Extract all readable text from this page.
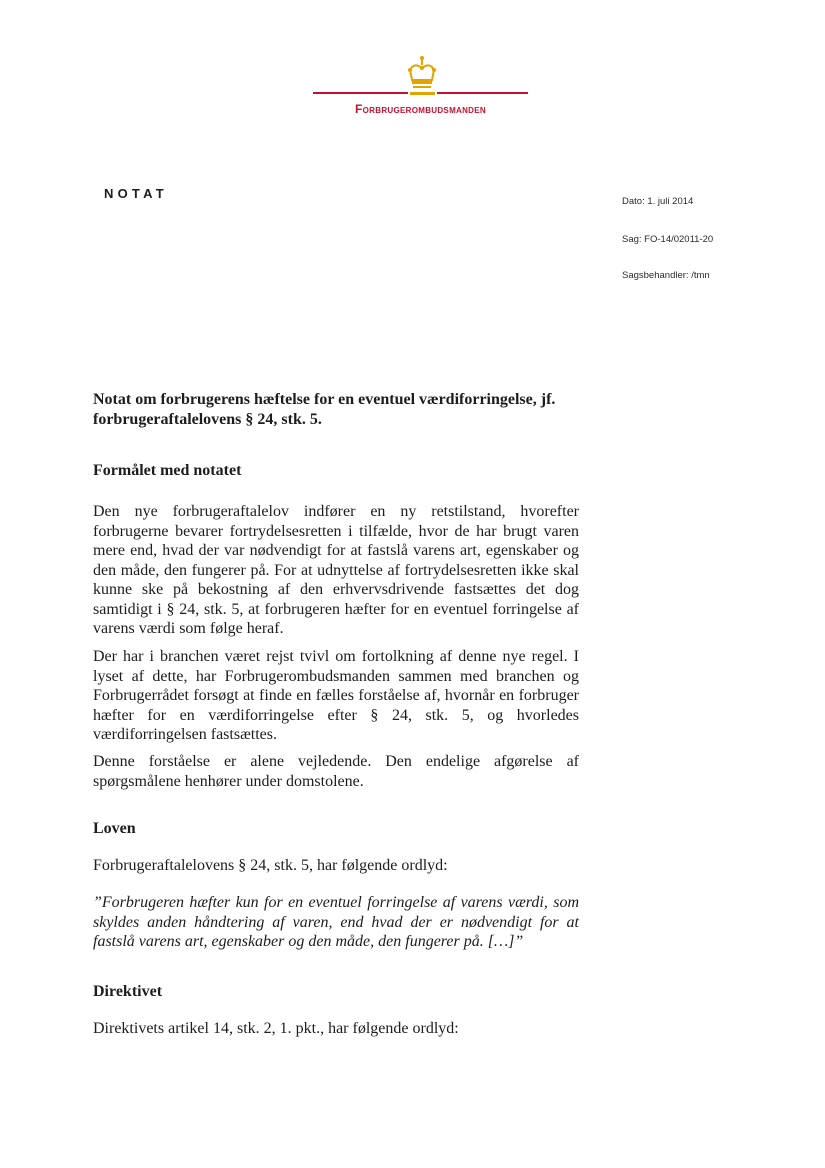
Forbrugerombudsmanden
NOTAT
Dato: 1. juli 2014
Sag: FO-14/02011-20
Sagsbehandler: /tmn
Notat om forbrugerens hæftelse for en eventuel værdiforringelse, jf. forbrugeraftalelovens § 24, stk. 5.
Formålet med notatet

Den nye forbrugeraftalelov indfører en ny retstilstand, hvorefter forbrugerne bevarer fortrydelsesretten i tilfælde, hvor de har brugt varen mere end, hvad der var nødvendigt for at fastslå varens art, egenskaber og den måde, den fungerer på. For at udnyttelse af fortrydelsesretten ikke skal kunne ske på bekostning af den erhvervsdrivende fastsættes det dog samtidigt i § 24, stk. 5, at forbrugeren hæfter for en eventuel forringelse af varens værdi som følge heraf.

Der har i branchen været rejst tvivl om fortolkning af denne nye regel. I lyset af dette, har Forbrugerombudsmanden sammen med branchen og Forbrugerrådet forsøgt at finde en fælles forståelse af, hvornår en forbruger hæfter for en værdiforringelse efter § 24, stk. 5, og hvorledes værdiforringelsen fastsættes.

Denne forståelse er alene vejledende. Den endelige afgørelse af spørgsmålene henhører under domstolene.

Loven

Forbrugeraftalelovens § 24, stk. 5, har følgende ordlyd:

”Forbrugeren hæfter kun for en eventuel forringelse af varens værdi, som skyldes anden håndtering af varen, end hvad der er nødvendigt for at fastslå varens art, egenskaber og den måde, den fungerer på. […]”

Direktivet

Direktivets artikel 14, stk. 2, 1. pkt., har følgende ordlyd:
